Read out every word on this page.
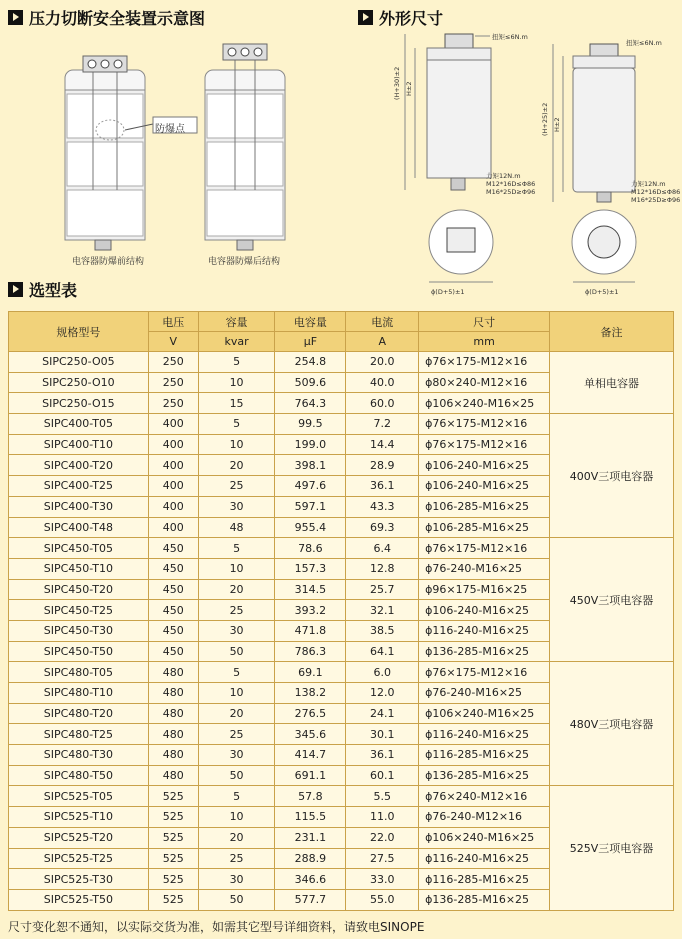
压力切断安全装置示意图	外形尺寸
选型表
防爆点
电容器防爆前结构	电容器防爆后结构
扭矩≤6N.m
扭矩≤6N.m
力矩12N.m
M12*16D≤Φ86
M16*25D≥Φ96
力矩12N.m
M12*16D≤Φ86
M16*25D≥Φ96
(H+30)±2 H±2
(H+25)±2 H±2
ϕ(D+5)±1	ϕ(D+5)±1
规格型号	电压	容量	电容量	电流	尺寸	备注
	V	kvar	μF	A	mm	
SIPC250-O05	250	5	254.8	20.0	ϕ76×175-M12×16	单相电容器
SIPC250-O10	250	10	509.6	40.0	ϕ80×240-M12×16	
SIPC250-O15	250	15	764.3	60.0	ϕ106×240-M16×25	
SIPC400-T05	400	5	99.5	7.2	ϕ76×175-M12×16	400V三项电容器
SIPC400-T10	400	10	199.0	14.4	ϕ76×175-M12×16	
SIPC400-T20	400	20	398.1	28.9	ϕ106-240-M16×25	
SIPC400-T25	400	25	497.6	36.1	ϕ106-240-M16×25	
SIPC400-T30	400	30	597.1	43.3	ϕ106-285-M16×25	
SIPC400-T48	400	48	955.4	69.3	ϕ106-285-M16×25	
SIPC450-T05	450	5	78.6	6.4	ϕ76×175-M12×16	450V三项电容器
SIPC450-T10	450	10	157.3	12.8	ϕ76-240-M16×25	
SIPC450-T20	450	20	314.5	25.7	ϕ96×175-M16×25	
SIPC450-T25	450	25	393.2	32.1	ϕ106-240-M16×25	
SIPC450-T30	450	30	471.8	38.5	ϕ116-240-M16×25	
SIPC450-T50	450	50	786.3	64.1	ϕ136-285-M16×25	
SIPC480-T05	480	5	69.1	6.0	ϕ76×175-M12×16	480V三项电容器
SIPC480-T10	480	10	138.2	12.0	ϕ76-240-M16×25	
SIPC480-T20	480	20	276.5	24.1	ϕ106×240-M16×25	
SIPC480-T25	480	25	345.6	30.1	ϕ116-240-M16×25	
SIPC480-T30	480	30	414.7	36.1	ϕ116-285-M16×25	
SIPC480-T50	480	50	691.1	60.1	ϕ136-285-M16×25	
SIPC525-T05	525	5	57.8	5.5	ϕ76×240-M12×16	525V三项电容器
SIPC525-T10	525	10	115.5	11.0	ϕ76-240-M12×16	
SIPC525-T20	525	20	231.1	22.0	ϕ106×240-M16×25	
SIPC525-T25	525	25	288.9	27.5	ϕ116-240-M16×25	
SIPC525-T30	525	30	346.6	33.0	ϕ116-285-M16×25	
SIPC525-T50	525	50	577.7	55.0	ϕ136-285-M16×25	
尺寸变化恕不通知，以实际交货为准，如需其它型号详细资料，请致电SINOPE
